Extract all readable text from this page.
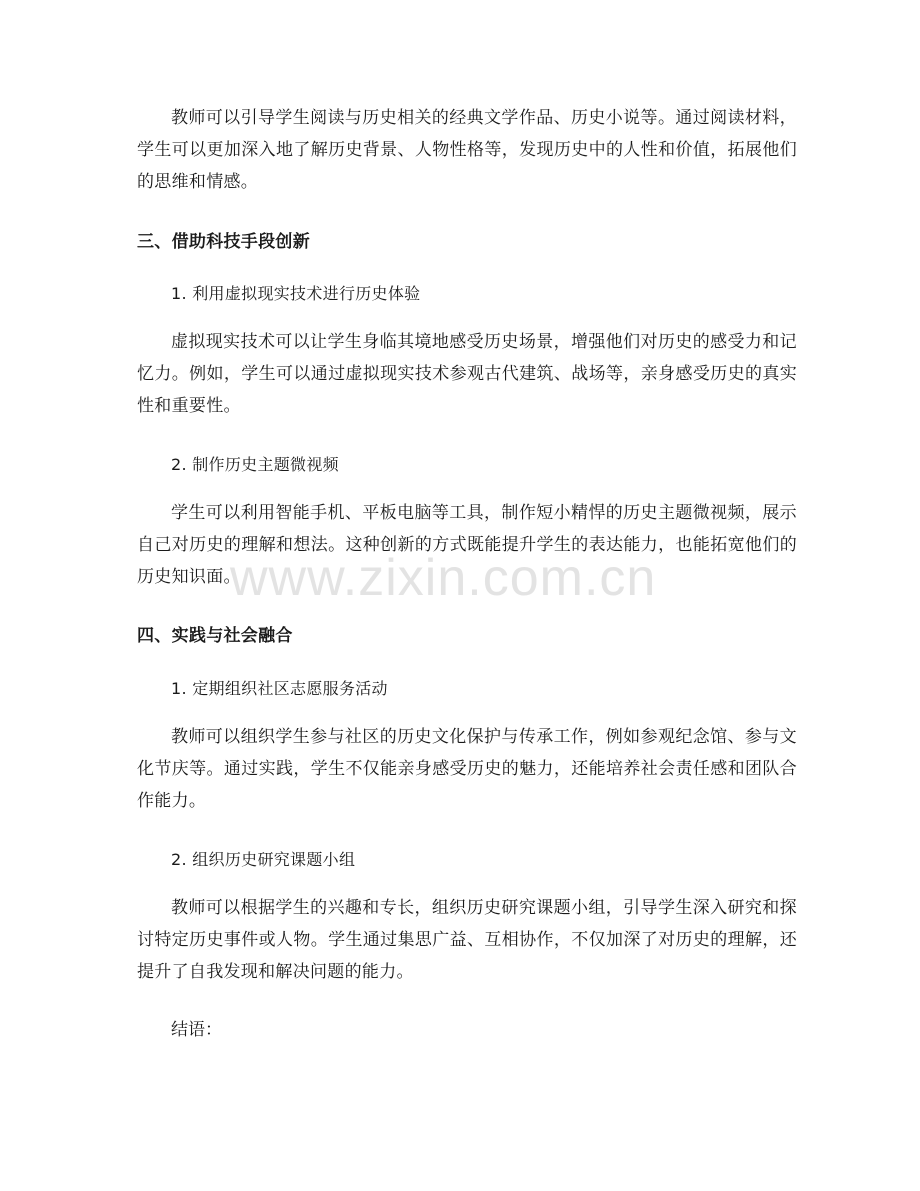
www.zixin.com.cn

教师可以引导学生阅读与历史相关的经典文学作品、历史小说等。通过阅读材料，学生可以更加深入地了解历史背景、人物性格等，发现历史中的人性和价值，拓展他们的思维和情感。

三、借助科技手段创新

1. 利用虚拟现实技术进行历史体验

虚拟现实技术可以让学生身临其境地感受历史场景，增强他们对历史的感受力和记忆力。例如，学生可以通过虚拟现实技术参观古代建筑、战场等，亲身感受历史的真实性和重要性。

2. 制作历史主题微视频

学生可以利用智能手机、平板电脑等工具，制作短小精悍的历史主题微视频，展示自己对历史的理解和想法。这种创新的方式既能提升学生的表达能力，也能拓宽他们的历史知识面。

四、实践与社会融合

1. 定期组织社区志愿服务活动

教师可以组织学生参与社区的历史文化保护与传承工作，例如参观纪念馆、参与文化节庆等。通过实践，学生不仅能亲身感受历史的魅力，还能培养社会责任感和团队合作能力。

2. 组织历史研究课题小组

教师可以根据学生的兴趣和专长，组织历史研究课题小组，引导学生深入研究和探讨特定历史事件或人物。学生通过集思广益、互相协作，不仅加深了对历史的理解，还提升了自我发现和解决问题的能力。

结语：
